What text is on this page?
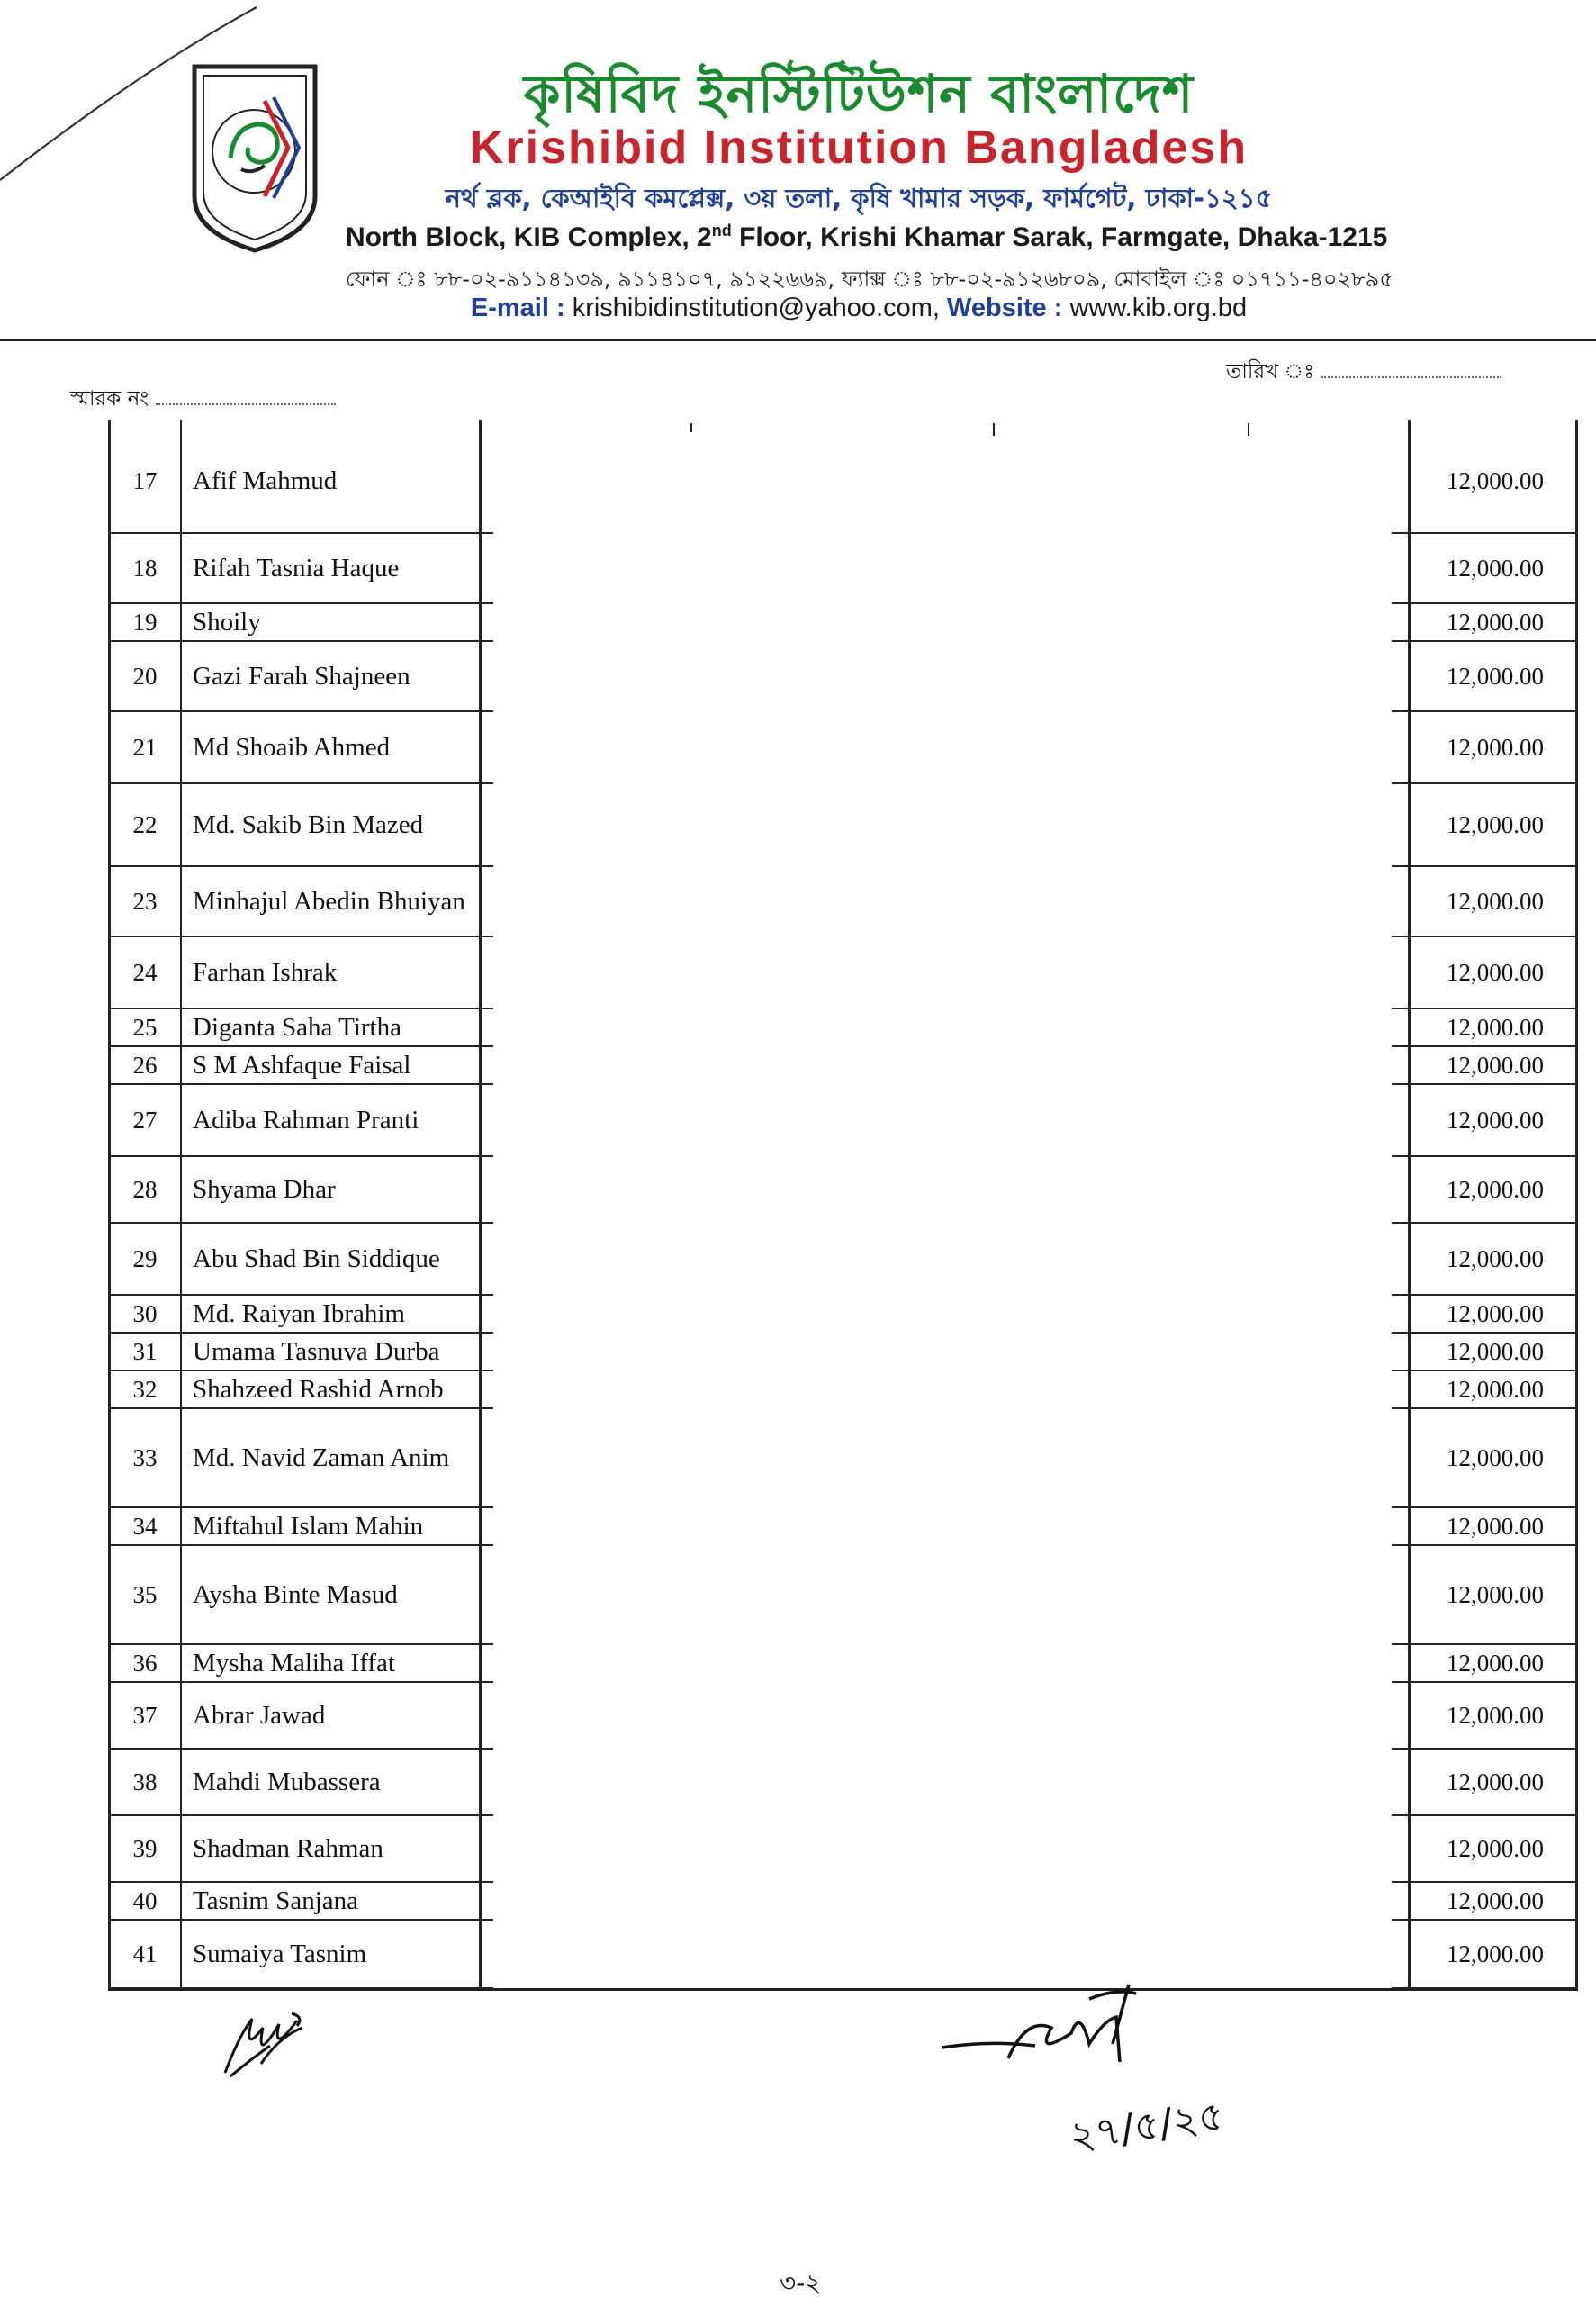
কৃষিবিদ ইনস্টিটিউশন বাংলাদেশ
Krishibid Institution Bangladesh
নর্থ ব্লক, কেআইবি কমপ্লেক্স, ৩য় তলা, কৃষি খামার সড়ক, ফার্মগেট, ঢাকা-১২১৫
North Block, KIB Complex, 2nd Floor, Krishi Khamar Sarak, Farmgate, Dhaka-1215
ফোন ঃ ৮৮-০২-৯১১৪১৩৯, ৯১১৪১০৭, ৯১২২৬৬৯, ফ্যাক্স ঃ ৮৮-০২-৯১২৬৮০৯, মোবাইল ঃ ০১৭১১-৪০২৮৯৫
E-mail : krishibidinstitution@yahoo.com, Website : www.kib.org.bd
স্মারক নং
তারিখ ঃ
17	Afif Mahmud	12,000.00
18	Rifah Tasnia Haque	12,000.00
19	Shoily	12,000.00
20	Gazi Farah Shajneen	12,000.00
21	Md Shoaib Ahmed	12,000.00
22	Md. Sakib Bin Mazed	12,000.00
23	Minhajul Abedin Bhuiyan	12,000.00
24	Farhan Ishrak	12,000.00
25	Diganta Saha Tirtha	12,000.00
26	S M Ashfaque Faisal	12,000.00
27	Adiba Rahman Pranti	12,000.00
28	Shyama Dhar	12,000.00
29	Abu Shad Bin Siddique	12,000.00
30	Md. Raiyan Ibrahim	12,000.00
31	Umama Tasnuva Durba	12,000.00
32	Shahzeed Rashid Arnob	12,000.00
33	Md. Navid Zaman Anim	12,000.00
34	Miftahul Islam Mahin	12,000.00
35	Aysha Binte Masud	12,000.00
36	Mysha Maliha Iffat	12,000.00
37	Abrar Jawad	12,000.00
38	Mahdi Mubassera	12,000.00
39	Shadman Rahman	12,000.00
40	Tasnim Sanjana	12,000.00
41	Sumaiya Tasnim	12,000.00
২৭/৫/২৫
৩-২
